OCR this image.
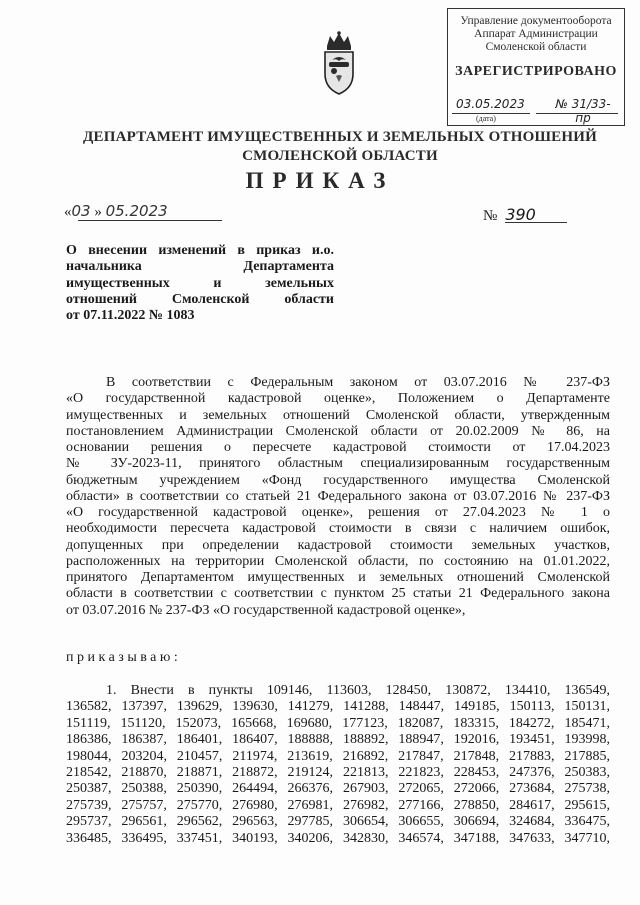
Управление документооборота
Аппарат Администрации
Смоленской области
ЗАРЕГИСТРИРОВАНО
03.05.2023	№ 31/33-пр
(дата)
ДЕПАРТАМЕНТ ИМУЩЕСТВЕННЫХ И ЗЕМЕЛЬНЫХ ОТНОШЕНИЙ
СМОЛЕНСКОЙ ОБЛАСТИ
ПРИКАЗ
«03 » 05.2023	№ 390
О внесении изменений в приказ и.о.
начальника Департамента
имущественных и земельных
отношений Смоленской области
от 07.11.2022 № 1083
В соответствии с Федеральным законом от 03.07.2016 № 237-ФЗ
«О государственной кадастровой оценке», Положением о Департаменте
имущественных и земельных отношений Смоленской области, утвержденным
постановлением Администрации Смоленской области от 20.02.2009 № 86, на
основании решения о пересчете кадастровой стоимости от 17.04.2023
№ ЗУ-2023-11, принятого областным специализированным государственным
бюджетным учреждением «Фонд государственного имущества Смоленской
области» в соответствии со статьей 21 Федерального закона от 03.07.2016 № 237-ФЗ
«О государственной кадастровой оценке», решения от 27.04.2023 № 1 о
необходимости пересчета кадастровой стоимости в связи с наличием ошибок,
допущенных при определении кадастровой стоимости земельных участков,
расположенных на территории Смоленской области, по состоянию на 01.01.2022,
принятого Департаментом имущественных и земельных отношений Смоленской
области в соответствии с соответствии с пунктом 25 статьи 21 Федерального закона
от 03.07.2016 № 237-ФЗ «О государственной кадастровой оценке»,
приказываю:
1. Внести в пункты 109146, 113603, 128450, 130872, 134410, 136549,
136582, 137397, 139629, 139630, 141279, 141288, 148447, 149185, 150113, 150131,
151119, 151120, 152073, 165668, 169680, 177123, 182087, 183315, 184272, 185471,
186386, 186387, 186401, 186407, 188888, 188892, 188947, 192016, 193451, 193998,
198044, 203204, 210457, 211974, 213619, 216892, 217847, 217848, 217883, 217885,
218542, 218870, 218871, 218872, 219124, 221813, 221823, 228453, 247376, 250383,
250387, 250388, 250390, 264494, 266376, 267903, 272065, 272066, 273684, 275738,
275739, 275757, 275770, 276980, 276981, 276982, 277166, 278850, 284617, 295615,
295737, 296561, 296562, 296563, 297785, 306654, 306655, 306694, 324684, 336475,
336485, 336495, 337451, 340193, 340206, 342830, 346574, 347188, 347633, 347710,
